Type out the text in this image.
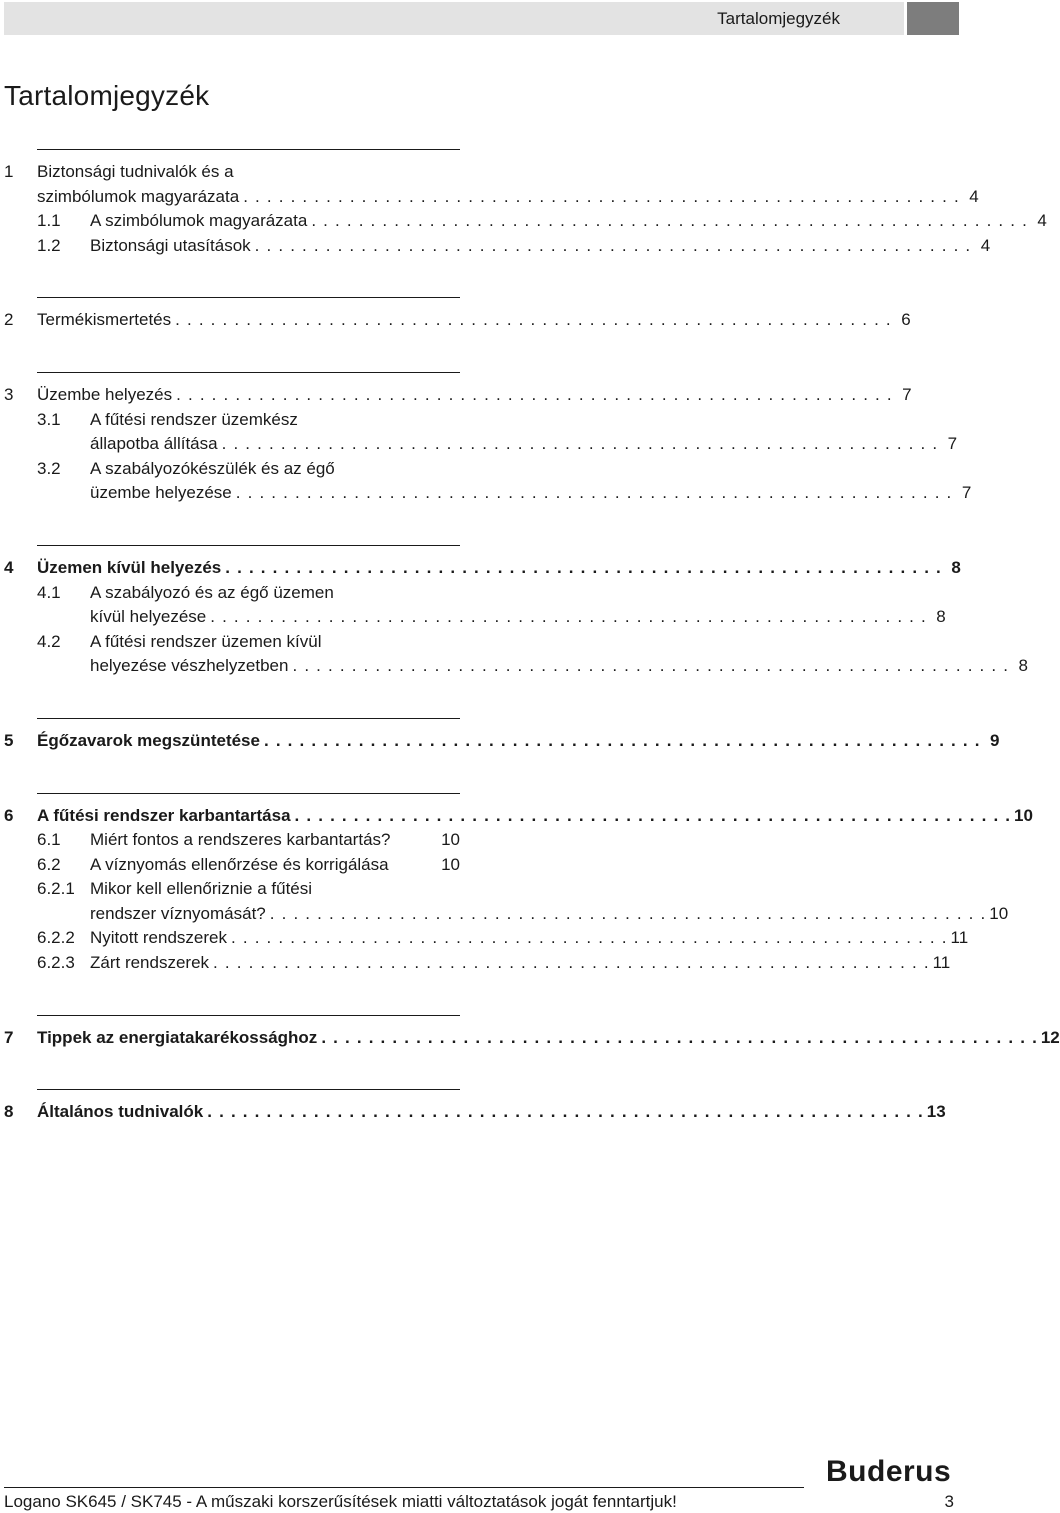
Tartalomjegyzék
Tartalomjegyzék
1	Biztonsági tudnivalók és a
szimbólumok magyarázata . . .	4
1.1	A szimbólumok magyarázata . . .	4
1.2	Biztonsági utasítások . . .	4
2	Termékismertetés . . .	6
3	Üzembe helyezés . . .	7
3.1	A fűtési rendszer üzemkész
állapotba állítása . . .	7
3.2	A szabályozókészülék és az égő
üzembe helyezése . . .	7
4	Üzemen kívül helyezés . . .	8
4.1	A szabályozó és az égő üzemen
kívül helyezése . . .	8
4.2	A fűtési rendszer üzemen kívül
helyezése vészhelyzetben . . .	8
5	Égőzavarok megszüntetése . . .	9
6	A fűtési rendszer karbantartása . . .	10
6.1	Miért fontos a rendszeres karbantartás?	10
6.2	A víznyomás ellenőrzése és korrigálása	10
6.2.1 Mikor kell ellenőriznie a fűtési
rendszer víznyomását? . . .	10
6.2.2 Nyitott rendszerek . . .	11
6.2.3 Zárt rendszerek . . .	11
7	Tippek az energiatakarékossághoz . . .	12
8	Általános tudnivalók . . .	13
Buderus
Logano SK645 / SK745 - A műszaki korszerűsítések miatti változtatások jogát fenntartjuk!	3
